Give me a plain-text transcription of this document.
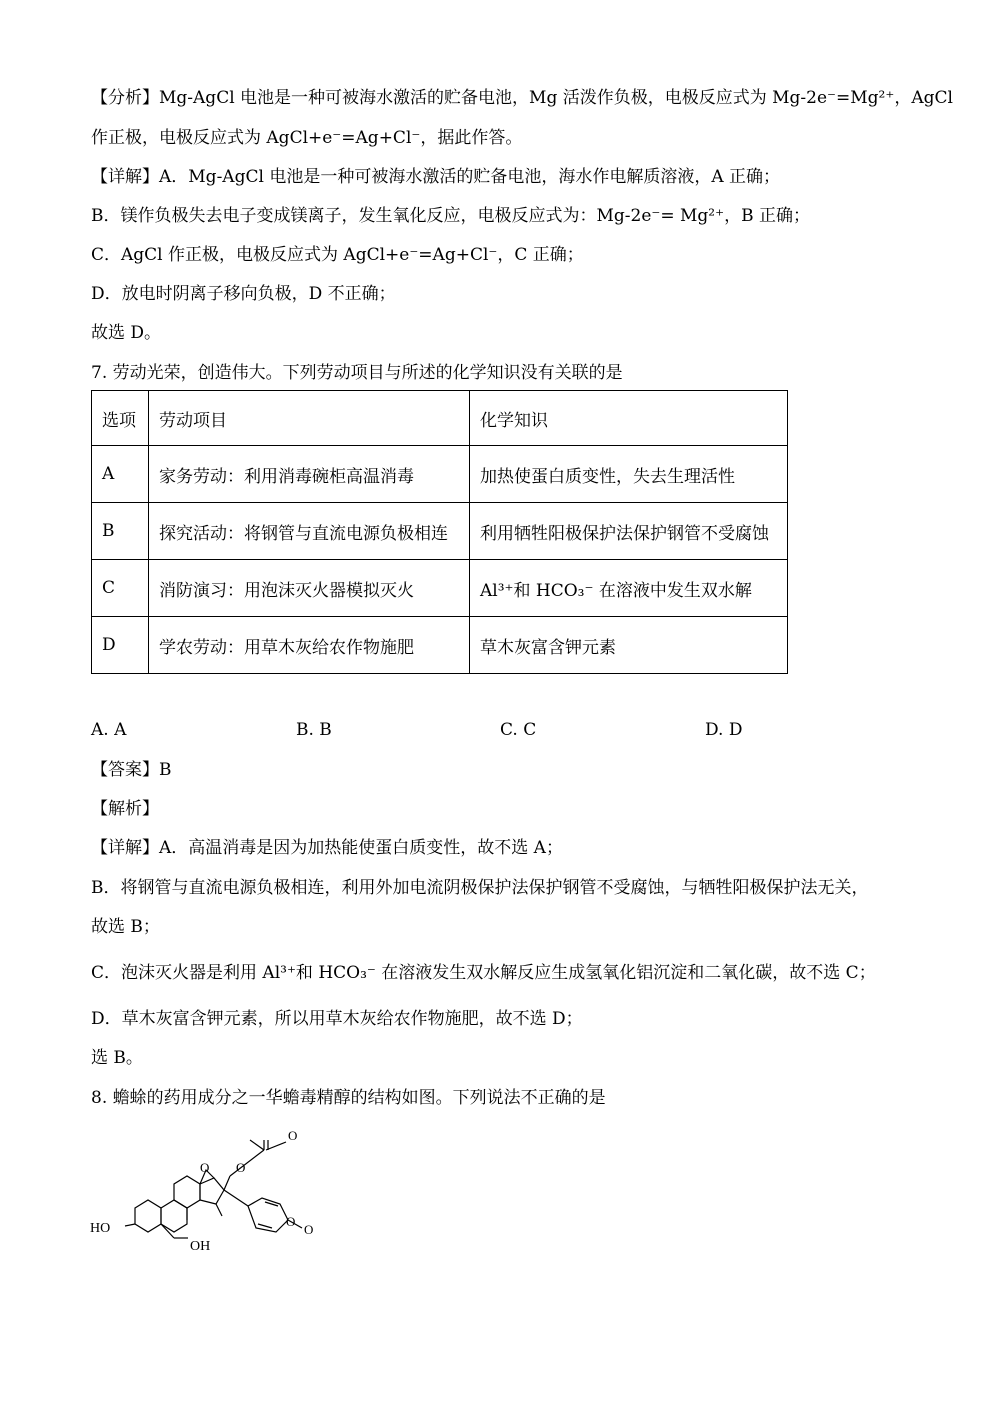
【分析】Mg-AgCl 电池是一种可被海水激活的贮备电池，Mg 活泼作负极，电极反应式为 Mg-2e⁻=Mg²⁺，AgCl
作正极，电极反应式为 AgCl+e⁻=Ag+Cl⁻，据此作答。
【详解】A．Mg-AgCl 电池是一种可被海水激活的贮备电池，海水作电解质溶液，A 正确；
B．镁作负极失去电子变成镁离子，发生氧化反应，电极反应式为：Mg-2e⁻= Mg²⁺，B 正确；
C．AgCl 作正极，电极反应式为 AgCl+e⁻=Ag+Cl⁻，C 正确；
D．放电时阴离子移向负极，D 不正确；
故选 D。
7. 劳动光荣，创造伟大。下列劳动项目与所述的化学知识没有关联的是
选项	劳动项目	化学知识
A	家务劳动：利用消毒碗柜高温消毒	加热使蛋白质变性，失去生理活性
B	探究活动：将钢管与直流电源负极相连	利用牺牲阳极保护法保护钢管不受腐蚀
C	消防演习：用泡沫灭火器模拟灭火	Al³⁺和 HCO₃⁻ 在溶液中发生双水解
D	学农劳动：用草木灰给农作物施肥	草木灰富含钾元素
A. A	B. B	C. C	D. D
【答案】B
【解析】
【详解】A．高温消毒是因为加热能使蛋白质变性，故不选 A；
B．将钢管与直流电源负极相连，利用外加电流阴极保护法保护钢管不受腐蚀，与牺牲阳极保护法无关，
故选 B；
C．泡沫灭火器是利用 Al³⁺和 HCO₃⁻ 在溶液发生双水解反应生成氢氧化铝沉淀和二氧化碳，故不选 C；
D．草木灰富含钾元素，所以用草木灰给农作物施肥，故不选 D；
选 B。
8. 蟾蜍的药用成分之一华蟾毒精醇的结构如图。下列说法不正确的是
HO
OH
O O
O
O
O
